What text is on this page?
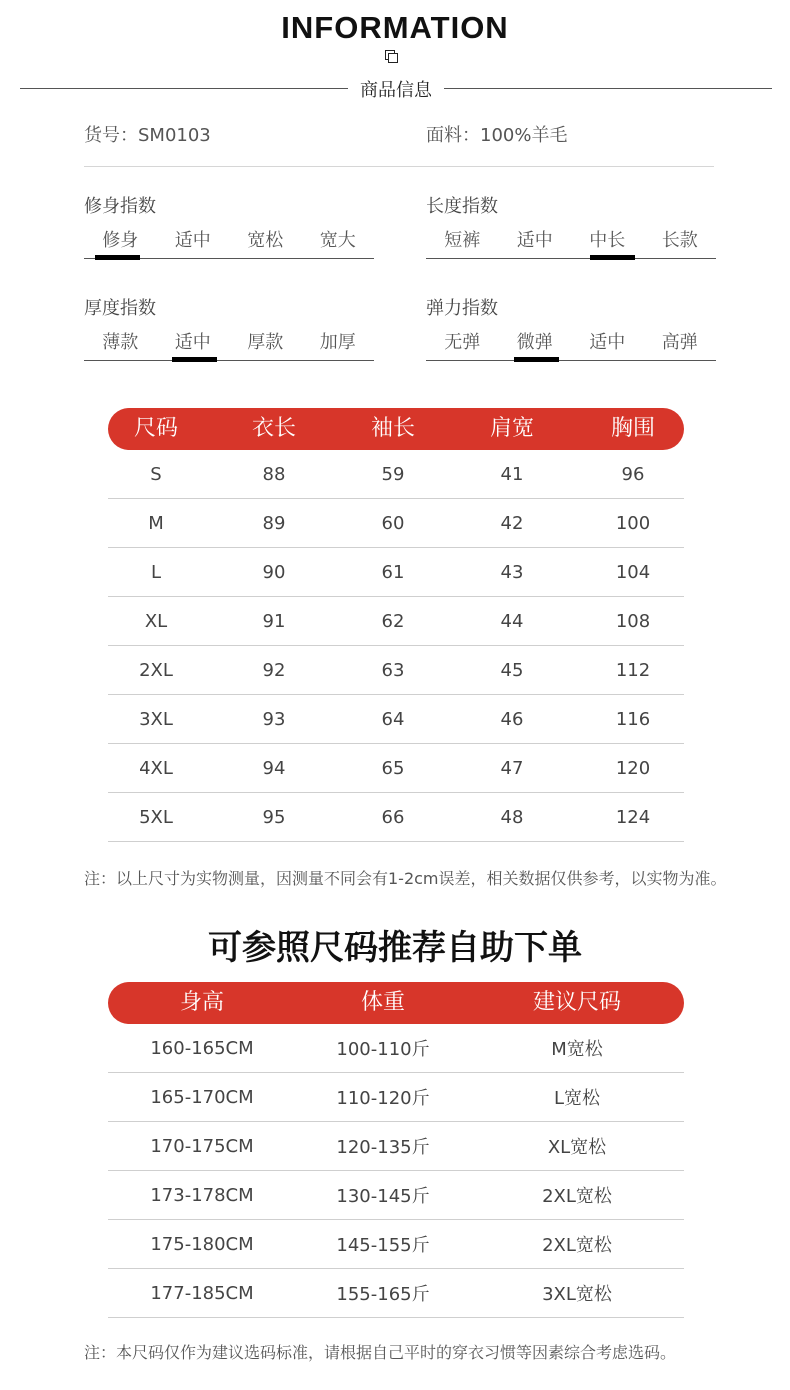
INFORMATION
商品信息
货号：SM0103	面料：100%羊毛
修身指数
修身	适中	宽松	宽大
长度指数
短裤	适中	中长	长款
厚度指数
薄款	适中	厚款	加厚
弹力指数
无弹	微弹	适中	高弹
尺码	衣长	袖长	肩宽	胸围
S	88	59	41	96
M	89	60	42	100
L	90	61	43	104
XL	91	62	44	108
2XL	92	63	45	112
3XL	93	64	46	116
4XL	94	65	47	120
5XL	95	66	48	124
注：以上尺寸为实物测量，因测量不同会有1-2cm误差，相关数据仅供参考，以实物为准。
可参照尺码推荐自助下单
身高	体重	建议尺码
160-165CM	100-110斤	M宽松
165-170CM	110-120斤	L宽松
170-175CM	120-135斤	XL宽松
173-178CM	130-145斤	2XL宽松
175-180CM	145-155斤	2XL宽松
177-185CM	155-165斤	3XL宽松
注：本尺码仅作为建议选码标准，请根据自己平时的穿衣习惯等因素综合考虑选码。
